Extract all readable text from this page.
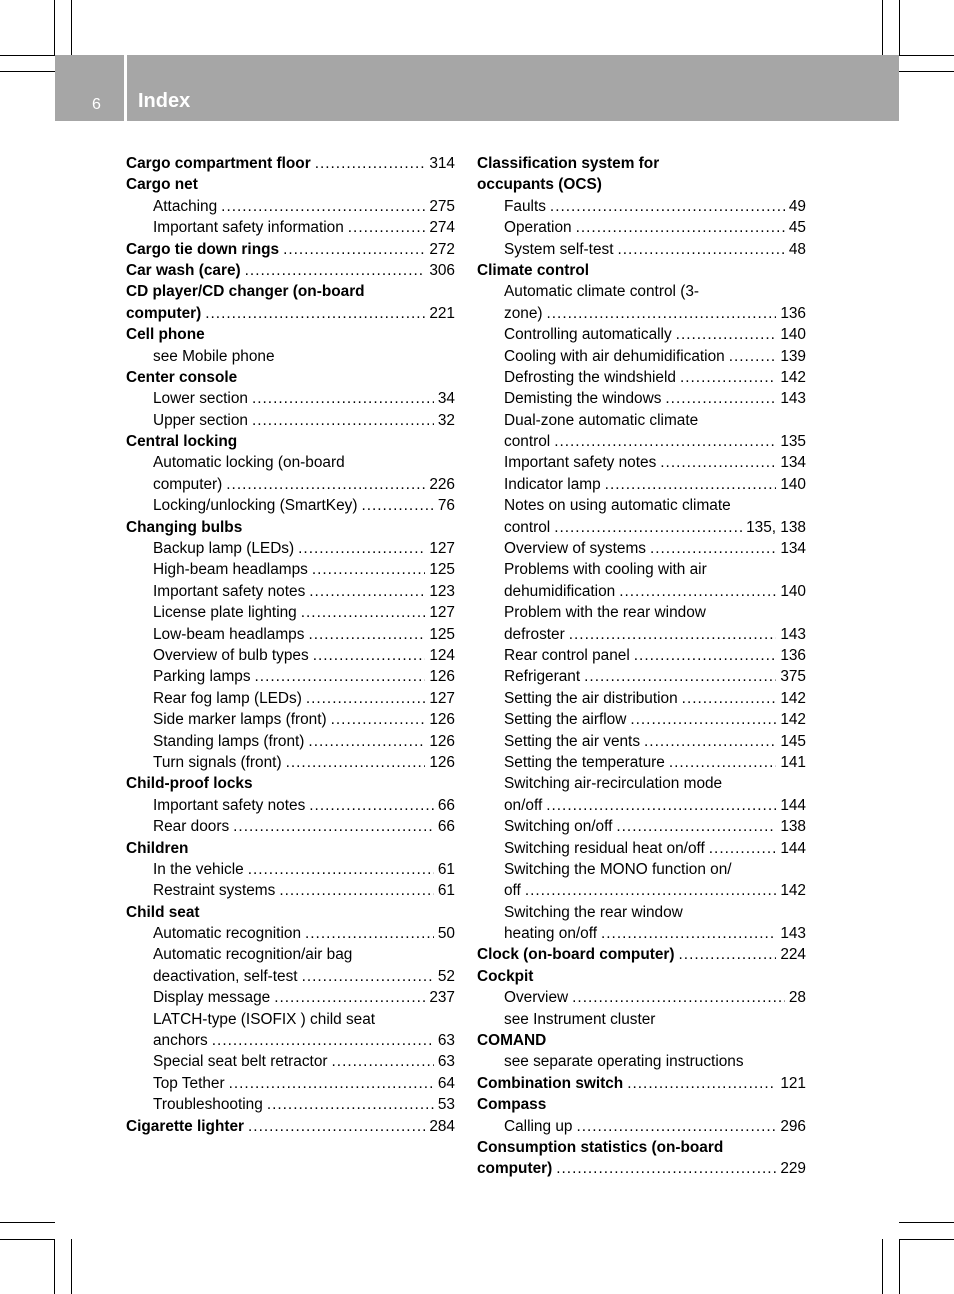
6 Index
Cargo compartment floor .....	314
Cargo net
Attaching .....	275
Important safety information .....	274
Cargo tie down rings .....	272
Car wash (care) .....	306
CD player/CD changer (on-board
computer) .....	221
Cell phone
see Mobile phone
Center console
Lower section .....	34
Upper section .....	32
Central locking
Automatic locking (on-board
computer) .....	226
Locking/unlocking (SmartKey) .....	76
Changing bulbs
Backup lamp (LEDs) .....	127
High-beam headlamps .....	125
Important safety notes .....	123
License plate lighting .....	127
Low-beam headlamps .....	125
Overview of bulb types .....	124
Parking lamps .....	126
Rear fog lamp (LEDs) .....	127
Side marker lamps (front) .....	126
Standing lamps (front) .....	126
Turn signals (front) .....	126
Child-proof locks
Important safety notes .....	66
Rear doors .....	66
Children
In the vehicle .....	61
Restraint systems .....	61
Child seat
Automatic recognition .....	50
Automatic recognition/air bag
deactivation, self-test .....	52
Display message .....	237
LATCH-type (ISOFIX ) child seat
anchors .....	63
Special seat belt retractor .....	63
Top Tether .....	64
Troubleshooting .....	53
Cigarette lighter .....	284
Classification system for
occupants (OCS)
Faults .....	49
Operation .....	45
System self-test .....	48
Climate control
Automatic climate control (3-
zone) .....	136
Controlling automatically .....	140
Cooling with air dehumidification .....	139
Defrosting the windshield .....	142
Demisting the windows .....	143
Dual-zone automatic climate
control .....	135
Important safety notes .....	134
Indicator lamp .....	140
Notes on using automatic climate
control .....	135, 138
Overview of systems .....	134
Problems with cooling with air
dehumidification .....	140
Problem with the rear window
defroster .....	143
Rear control panel .....	136
Refrigerant .....	375
Setting the air distribution .....	142
Setting the airflow .....	142
Setting the air vents .....	145
Setting the temperature .....	141
Switching air-recirculation mode
on/off .....	144
Switching on/off .....	138
Switching residual heat on/off .....	144
Switching the MONO function on/
off .....	142
Switching the rear window
heating on/off .....	143
Clock (on-board computer) .....	224
Cockpit
Overview .....	28
see Instrument cluster
COMAND
see separate operating instructions
Combination switch .....	121
Compass
Calling up .....	296
Consumption statistics (on-board
computer) .....	229
